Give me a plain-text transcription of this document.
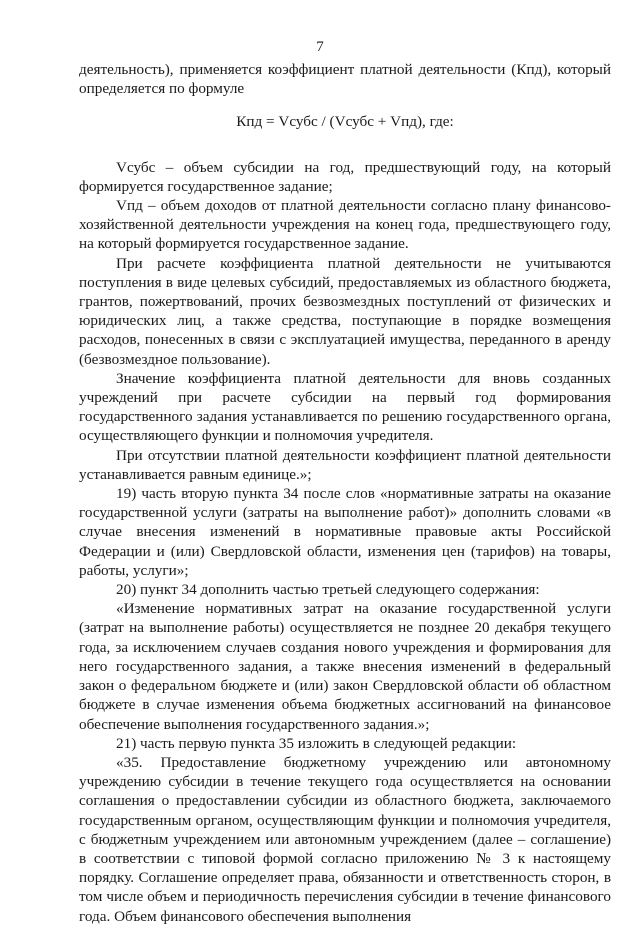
7

деятельность), применяется коэффициент платной деятельности (Кпд), который определяется по формуле

Кпд = Vсубс / (Vсубс + Vпд), где:

Vсубс – объем субсидии на год, предшествующий году, на который формируется государственное задание;

Vпд – объем доходов от платной деятельности согласно плану финансово-хозяйственной деятельности учреждения на конец года, предшествующего году, на который формируется государственное задание.

При расчете коэффициента платной деятельности не учитываются поступления в виде целевых субсидий, предоставляемых из областного бюджета, грантов, пожертвований, прочих безвозмездных поступлений от физических и юридических лиц, а также средства, поступающие в порядке возмещения расходов, понесенных в связи с эксплуатацией имущества, переданного в аренду (безвозмездное пользование).

Значение коэффициента платной деятельности для вновь созданных учреждений при расчете субсидии на первый год формирования государственного задания устанавливается по решению государственного органа, осуществляющего функции и полномочия учредителя.

При отсутствии платной деятельности коэффициент платной деятельности устанавливается равным единице.»;

19) часть вторую пункта 34 после слов «нормативные затраты на оказание государственной услуги (затраты на выполнение работ)» дополнить словами «в случае внесения изменений в нормативные правовые акты Российской Федерации и (или) Свердловской области, изменения цен (тарифов) на товары, работы, услуги»;

20) пункт 34 дополнить частью третьей следующего содержания:

«Изменение нормативных затрат на оказание государственной услуги (затрат на выполнение работы) осуществляется не позднее 20 декабря текущего года, за исключением случаев создания нового учреждения и формирования для него государственного задания, а также внесения изменений в федеральный закон о федеральном бюджете и (или) закон Свердловской области об областном бюджете в случае изменения объема бюджетных ассигнований на финансовое обеспечение выполнения государственного задания.»;

21) часть первую пункта 35 изложить в следующей редакции:

«35. Предоставление бюджетному учреждению или автономному учреждению субсидии в течение текущего года осуществляется на основании соглашения о предоставлении субсидии из областного бюджета, заключаемого государственным органом, осуществляющим функции и полномочия учредителя, с бюджетным учреждением или автономным учреждением (далее – соглашение) в соответствии с типовой формой согласно приложению № 3 к настоящему порядку. Соглашение определяет права, обязанности и ответственность сторон, в том числе объем и периодичность перечисления субсидии в течение финансового года. Объем финансового обеспечения выполнения
